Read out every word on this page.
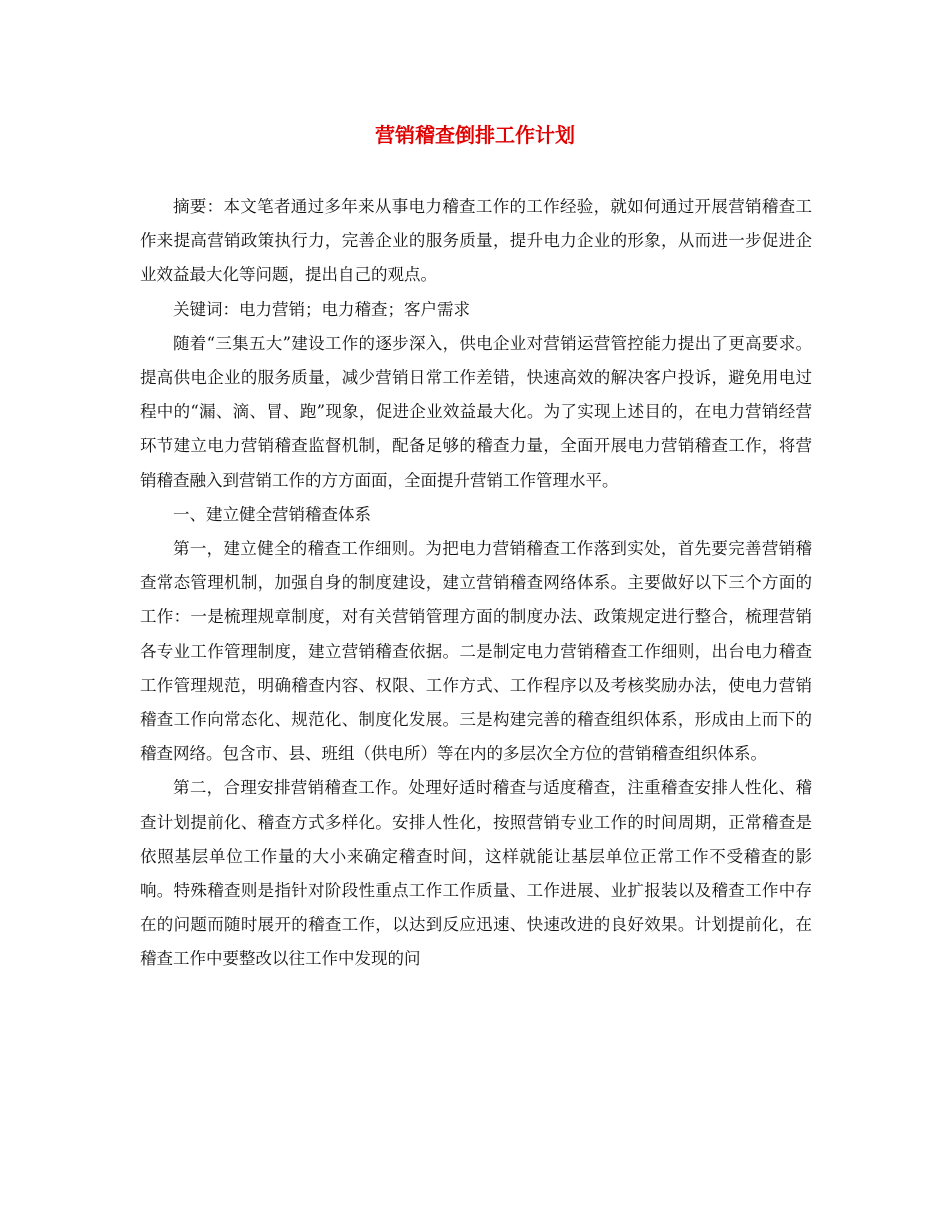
营销稽查倒排工作计划

摘要：本文笔者通过多年来从事电力稽查工作的工作经验，就如何通过开展营销稽查工作来提高营销政策执行力，完善企业的服务质量，提升电力企业的形象，从而进一步促进企业效益最大化等问题，提出自己的观点。

关键词：电力营销；电力稽查；客户需求

随着“三集五大”建设工作的逐步深入，供电企业对营销运营管控能力提出了更高要求。提高供电企业的服务质量，减少营销日常工作差错，快速高效的解决客户投诉，避免用电过程中的“漏、滴、冒、跑”现象，促进企业效益最大化。为了实现上述目的，在电力营销经营环节建立电力营销稽查监督机制，配备足够的稽查力量，全面开展电力营销稽查工作，将营销稽查融入到营销工作的方方面面，全面提升营销工作管理水平。

一、建立健全营销稽查体系

第一，建立健全的稽查工作细则。为把电力营销稽查工作落到实处，首先要完善营销稽查常态管理机制，加强自身的制度建设，建立营销稽查网络体系。主要做好以下三个方面的工作：一是梳理规章制度，对有关营销管理方面的制度办法、政策规定进行整合，梳理营销各专业工作管理制度，建立营销稽查依据。二是制定电力营销稽查工作细则，出台电力稽查工作管理规范，明确稽查内容、权限、工作方式、工作程序以及考核奖励办法，使电力营销稽查工作向常态化、规范化、制度化发展。三是构建完善的稽查组织体系，形成由上而下的稽查网络。包含市、县、班组（供电所）等在内的多层次全方位的营销稽查组织体系。

第二，合理安排营销稽查工作。处理好适时稽查与适度稽查，注重稽查安排人性化、稽查计划提前化、稽查方式多样化。安排人性化，按照营销专业工作的时间周期，正常稽查是依照基层单位工作量的大小来确定稽查时间，这样就能让基层单位正常工作不受稽查的影响。特殊稽查则是指针对阶段性重点工作工作质量、工作进展、业扩报装以及稽查工作中存在的问题而随时展开的稽查工作，以达到反应迅速、快速改进的良好效果。计划提前化，在稽查工作中要整改以往工作中发现的问
